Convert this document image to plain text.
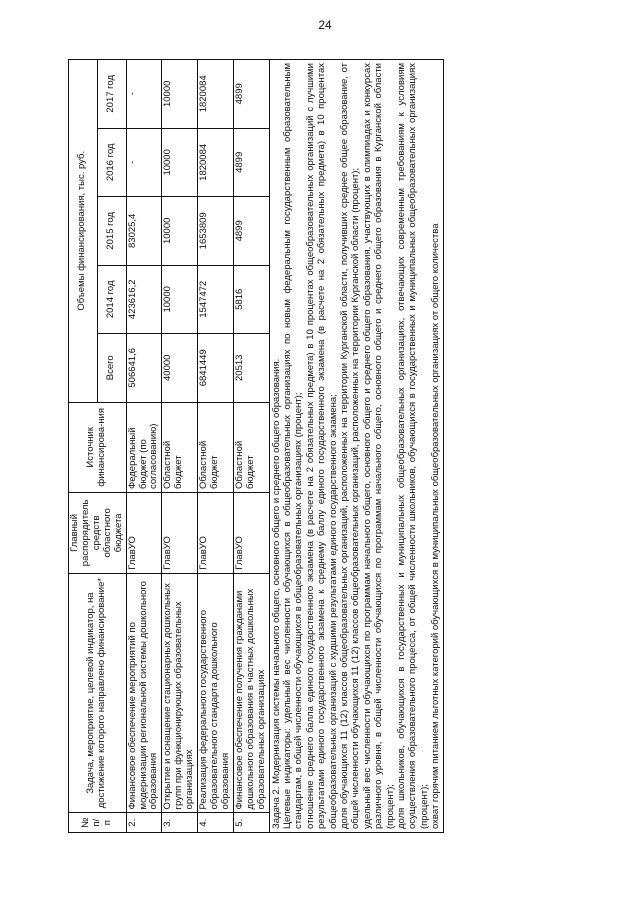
24
№ п/п	Задача, мероприятие, целевой индикатор, на достижение которого направлено финансирование*	Главный распорядитель средств областного бюджета	Источник финансирова-ния	Объемы финансирования, тыс. руб.				
				Всего	2014 год	2015 год	2016 год	2017 год
2.	Финансовое обеспечение мероприятий по модернизации региональной системы дошкольного образования	ГлавУО	Федеральный бюджет (по согласованию)	506641,6	423616,2	83025,4	-	-
3.	Открытие и оснащение стационарных дошкольных групп при функционирующих образовательных организациях	ГлавУО	Областной бюджет	40000	10000	10000	10000	10000
4.	Реализация федерального государственного образовательного стандарта дошкольного образования	ГлавУО	Областной бюджет	6841449	1547472	1653809	1820084	1820084
5.	Финансовое обеспечение получения гражданами дошкольного образования в частных дошкольных образовательных организациях	ГлавУО	Областной бюджет	20513	5816	4899	4899	4899

Задача 2. Модернизация системы начального общего, основного общего и среднего общего образования. Целевые индикаторы: удельный вес численности обучающихся в общеобразовательных организациях по новым федеральным государственным образовательным стандартам, в общей численности обучающихся в общеобразовательных организациях (процент); отношение среднего балла единого государственного экзамена (в расчете на 2 обязательных предмета) в 10 процентах общеобразовательных организаций с лучшими результатами единого государственного экзамена к среднему баллу единого государственного экзамена (в расчете на 2 обязательных предмета) в 10 процентах общеобразовательных организаций с худшими результатами единого государственного экзамена; доля обучающихся 11 (12) классов общеобразовательных организаций, расположенных на территории Курганской области, получивших среднее общее образование, от общей численности обучающихся 11 (12) классов общеобразовательных организаций, расположенных на территории Курганской области (процент); удельный вес численности обучающихся по программам начального общего, основного общего и среднего общего образования, участвующих в олимпиадах и конкурсах различного уровня, в общей численности обучающихся по программам начального общего, основного общего и среднего общего образования в Курганской области (процент); доля школьников, обучающихся в государственных и муниципальных общеобразовательных организациях, отвечающих современным требованиям к условиям осуществления образовательного процесса, от общей численности школьников, обучающихся в государственных и муниципальных общеобразовательных организациях (процент); охват горячим питанием льготных категорий обучающихся в муниципальных общеобразовательных организациях от общего количества
